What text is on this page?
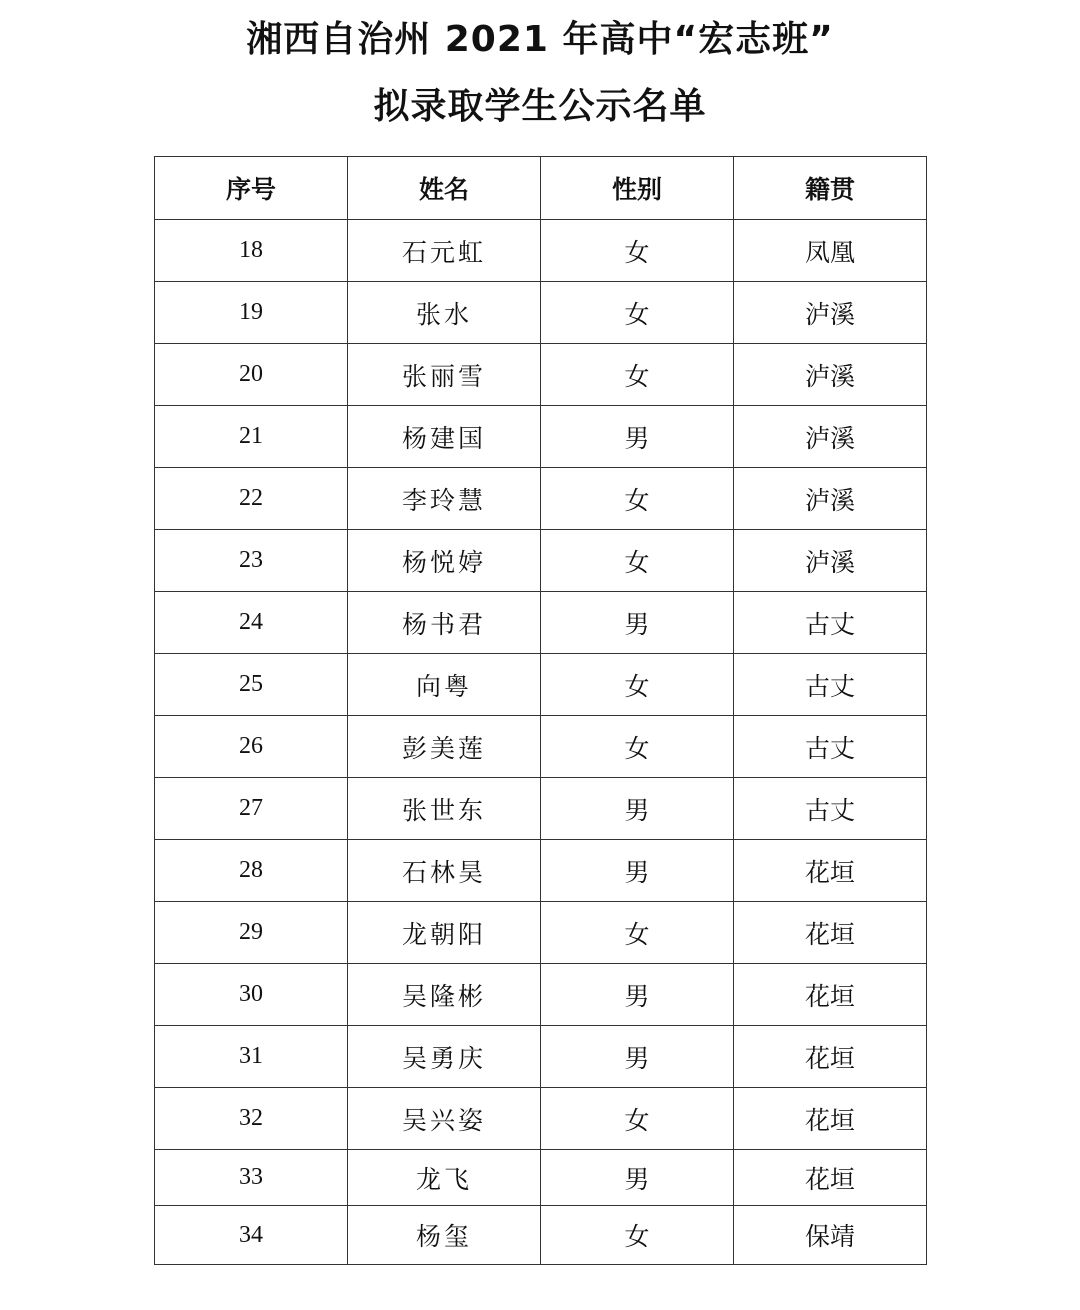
湘西自治州 2021 年高中“宏志班”
拟录取学生公示名单
序号	姓名	性别	籍贯
18	石元虹	女	凤凰
19	张水	女	泸溪
20	张丽雪	女	泸溪
21	杨建国	男	泸溪
22	李玲慧	女	泸溪
23	杨悦婷	女	泸溪
24	杨书君	男	古丈
25	向粤	女	古丈
26	彭美莲	女	古丈
27	张世东	男	古丈
28	石林昊	男	花垣
29	龙朝阳	女	花垣
30	吴隆彬	男	花垣
31	吴勇庆	男	花垣
32	吴兴姿	女	花垣
33	龙飞	男	花垣
34	杨玺	女	保靖
